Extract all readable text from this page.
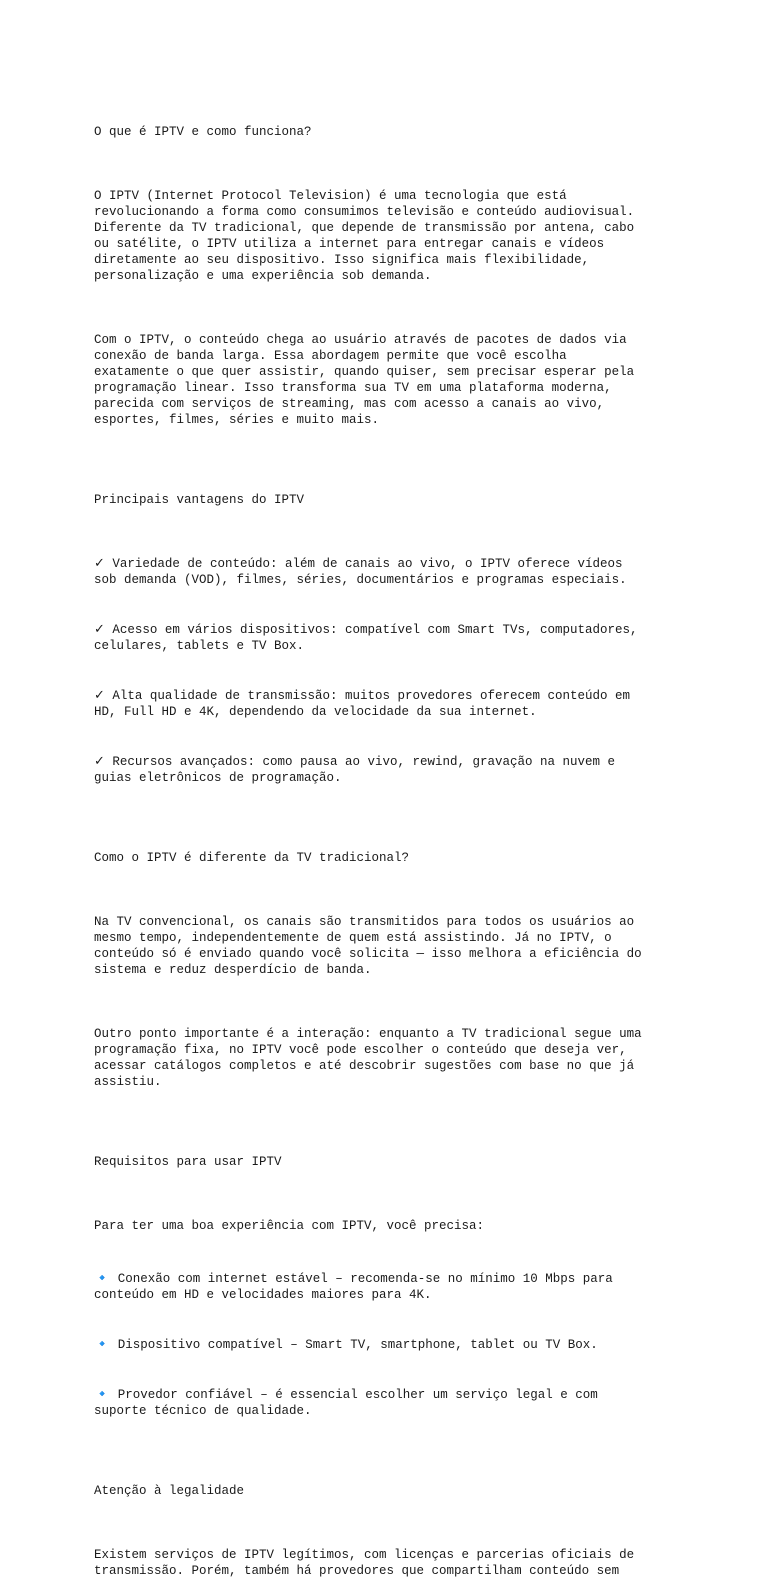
O que é IPTV e como funciona?

O IPTV (Internet Protocol Television) é uma tecnologia que está
revolucionando a forma como consumimos televisão e conteúdo audiovisual.
Diferente da TV tradicional, que depende de transmissão por antena, cabo
ou satélite, o IPTV utiliza a internet para entregar canais e vídeos
diretamente ao seu dispositivo. Isso significa mais flexibilidade,
personalização e uma experiência sob demanda.

Com o IPTV, o conteúdo chega ao usuário através de pacotes de dados via
conexão de banda larga. Essa abordagem permite que você escolha
exatamente o que quer assistir, quando quiser, sem precisar esperar pela
programação linear. Isso transforma sua TV em uma plataforma moderna,
parecida com serviços de streaming, mas com acesso a canais ao vivo,
esportes, filmes, séries e muito mais.

Principais vantagens do IPTV

✓ Variedade de conteúdo: além de canais ao vivo, o IPTV oferece vídeos
sob demanda (VOD), filmes, séries, documentários e programas especiais.

✓ Acesso em vários dispositivos: compatível com Smart TVs, computadores,
celulares, tablets e TV Box.

✓ Alta qualidade de transmissão: muitos provedores oferecem conteúdo em
HD, Full HD e 4K, dependendo da velocidade da sua internet.

✓ Recursos avançados: como pausa ao vivo, rewind, gravação na nuvem e
guias eletrônicos de programação.

Como o IPTV é diferente da TV tradicional?

Na TV convencional, os canais são transmitidos para todos os usuários ao
mesmo tempo, independentemente de quem está assistindo. Já no IPTV, o
conteúdo só é enviado quando você solicita — isso melhora a eficiência do
sistema e reduz desperdício de banda.

Outro ponto importante é a interação: enquanto a TV tradicional segue uma
programação fixa, no IPTV você pode escolher o conteúdo que deseja ver,
acessar catálogos completos e até descobrir sugestões com base no que já
assistiu.

Requisitos para usar IPTV

Para ter uma boa experiência com IPTV, você precisa:

🔹 Conexão com internet estável – recomenda-se no mínimo 10 Mbps para
conteúdo em HD e velocidades maiores para 4K.

🔹 Dispositivo compatível – Smart TV, smartphone, tablet ou TV Box.

🔹 Provedor confiável – é essencial escolher um serviço legal e com
suporte técnico de qualidade.

Atenção à legalidade

Existem serviços de IPTV legítimos, com licenças e parcerias oficiais de
transmissão. Porém, também há provedores que compartilham conteúdo sem
